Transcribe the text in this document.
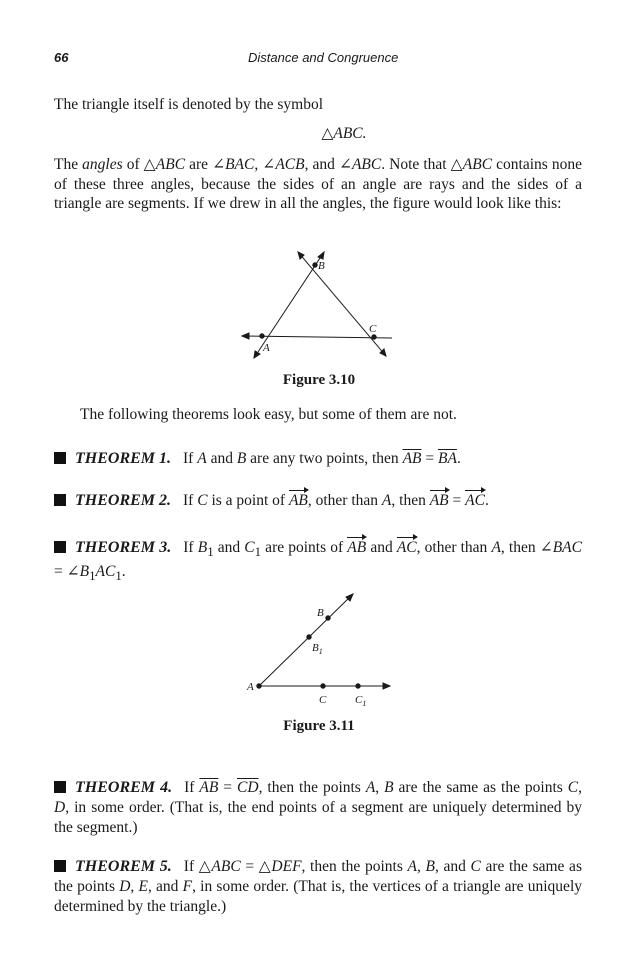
66	Distance and Congruence
The triangle itself is denoted by the symbol
△ABC.
The angles of △ABC are ∠BAC, ∠ACB, and ∠ABC. Note that △ABC contains none of these three angles, because the sides of an angle are rays and the sides of a triangle are segments. If we drew in all the angles, the figure would look like this:
A
B
C
Figure 3.10
The following theorems look easy, but some of them are not.
THEOREM 1. If A and B are any two points, then $\overline{AB} = \overline{BA}$.
THEOREM 2. If C is a point of AB, other than A, then AB = AC.
THEOREM 3. If $B_1$ and $C_1$ are points of AB and AC, other than A, then ∠BAC = $\angle B_1AC_1$.
A
B
$B_1$
C	$C_1$
Figure 3.11
THEOREM 4. If $\overline{AB} = \overline{CD}$, then the points A, B are the same as the points C, D, in some order. (That is, the end points of a segment are uniquely determined by the segment.)
THEOREM 5. If △ABC = △DEF, then the points A, B, and C are the same as the points D, E, and F, in some order. (That is, the vertices of a triangle are uniquely determined by the triangle.)
